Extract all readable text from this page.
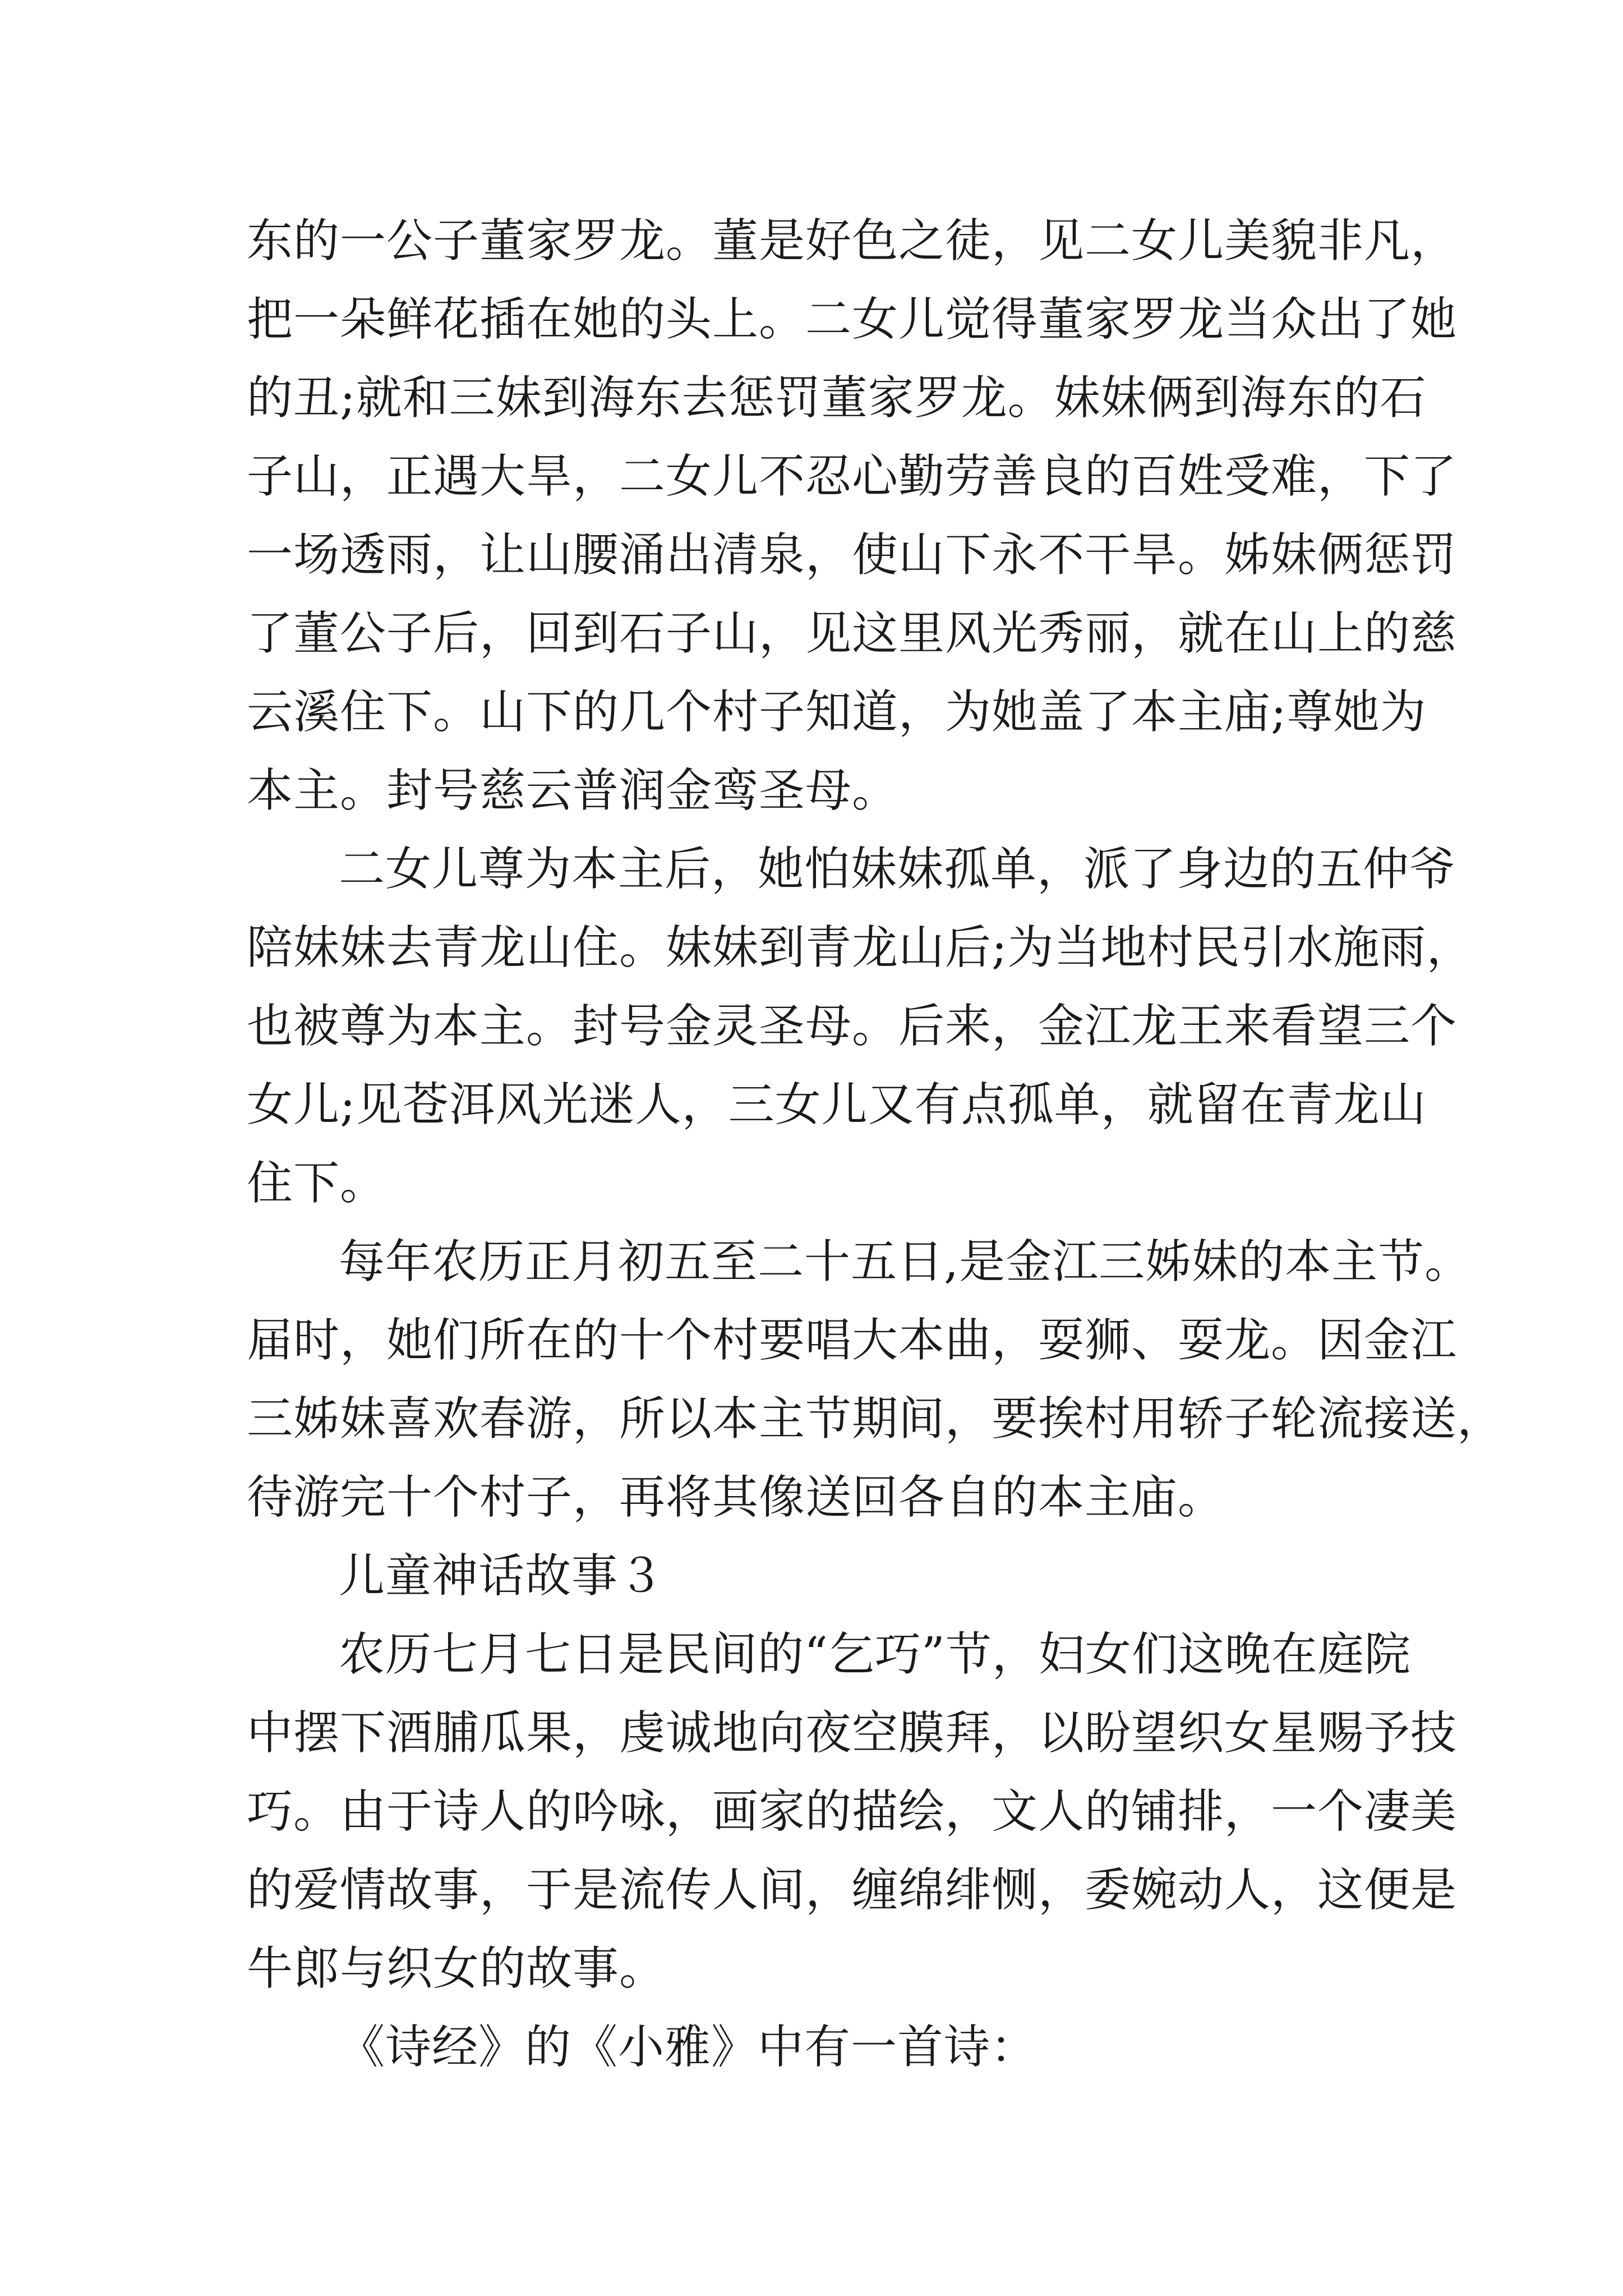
东的一公子董家罗龙。董是好色之徒，见二女儿美貌非凡，
把一朵鲜花插在她的头上。二女儿觉得董家罗龙当众出了她
的丑;就和三妹到海东去惩罚董家罗龙。妹妹俩到海东的石
子山，正遇大旱，二女儿不忍心勤劳善良的百姓受难，下了
一场透雨，让山腰涌出清泉，使山下永不干旱。姊妹俩惩罚
了董公子后，回到石子山，见这里风光秀丽，就在山上的慈
云溪住下。山下的几个村子知道，为她盖了本主庙;尊她为
本主。封号慈云普润金鸾圣母。
二女儿尊为本主后，她怕妹妹孤单，派了身边的五仲爷
陪妹妹去青龙山住。妹妹到青龙山后;为当地村民引水施雨，
也被尊为本主。封号金灵圣母。后来，金江龙王来看望三个
女儿;见苍洱风光迷人，三女儿又有点孤单，就留在青龙山
住下。
每年农历正月初五至二十五日,是金江三姊妹的本主节。
届时，她们所在的十个村要唱大本曲，耍狮、耍龙。因金江
三姊妹喜欢春游，所以本主节期间，要挨村用轿子轮流接送，
待游完十个村子，再将其像送回各自的本主庙。
儿童神话故事３
农历七月七日是民间的“乞巧”节，妇女们这晚在庭院
中摆下酒脯瓜果，虔诚地向夜空膜拜，以盼望织女星赐予技
巧。由于诗人的吟咏，画家的描绘，文人的铺排，一个凄美
的爱情故事，于是流传人间，缠绵绯恻，委婉动人，这便是
牛郎与织女的故事。
《诗经》的《小雅》中有一首诗：
